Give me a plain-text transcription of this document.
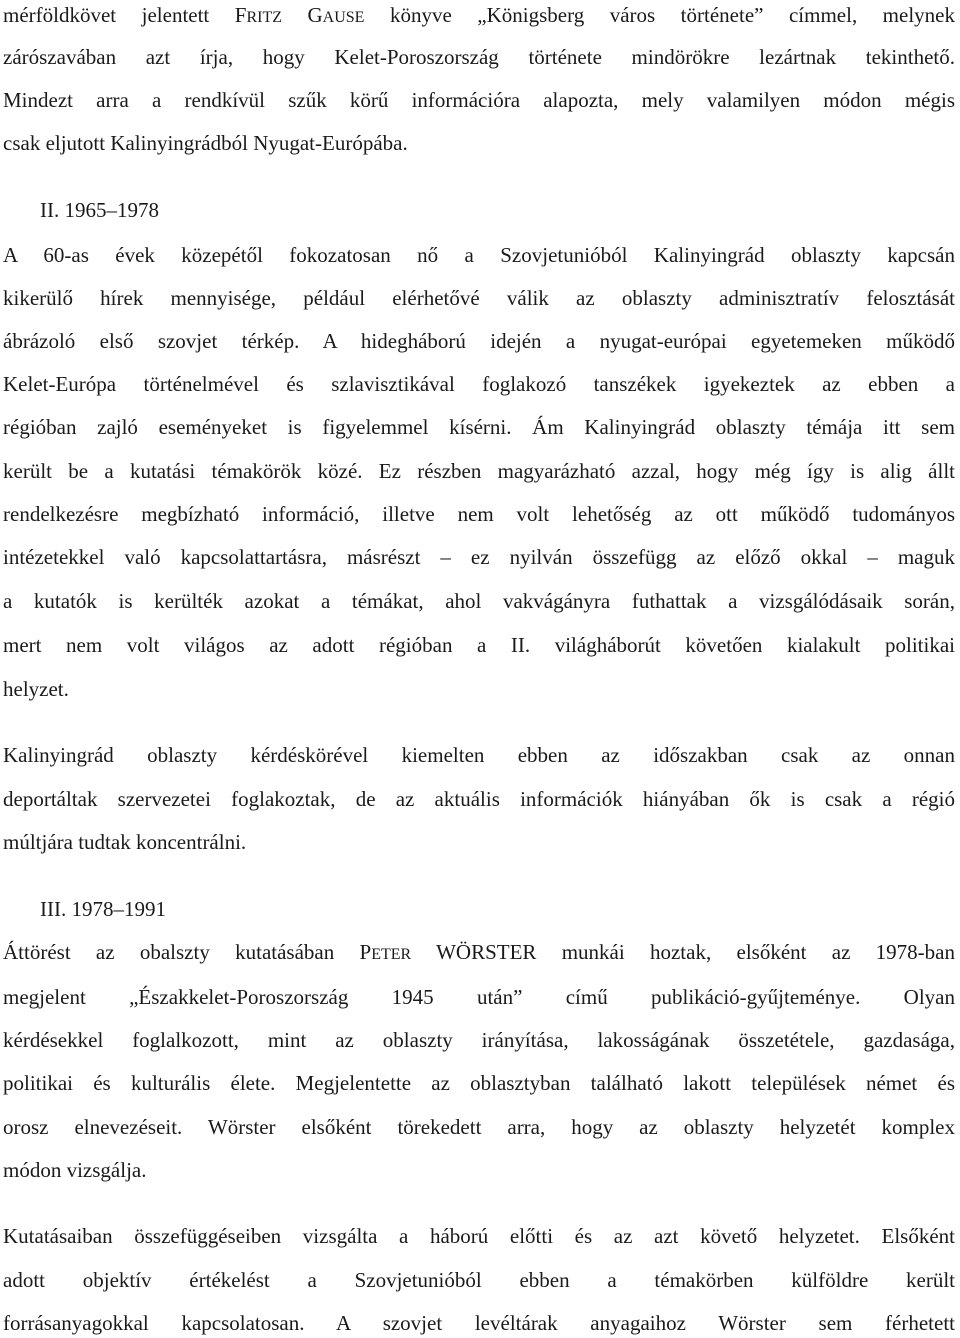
mérföldkövet jelentett FRITZ GAUSE könyve „Königsberg város története” címmel, melynek
zárószavában azt írja, hogy Kelet-Poroszország története mindörökre lezártnak tekinthető.
Mindezt arra a rendkívül szűk körű információra alapozta, mely valamilyen módon mégis
csak eljutott Kalinyingrádból Nyugat-Európába.
II. 1965–1978
A 60-as évek közepétől fokozatosan nő a Szovjetunióból Kalinyingrád oblaszty kapcsán
kikerülő hírek mennyisége, például elérhetővé válik az oblaszty adminisztratív felosztását
ábrázoló első szovjet térkép. A hidegháború idején a nyugat-európai egyetemeken működő
Kelet-Európa történelmével és szlavisztikával foglakozó tanszékek igyekeztek az ebben a
régióban zajló eseményeket is figyelemmel kísérni. Ám Kalinyingrád oblaszty témája itt sem
került be a kutatási témakörök közé. Ez részben magyarázható azzal, hogy még így is alig állt
rendelkezésre megbízható információ, illetve nem volt lehetőség az ott működő tudományos
intézetekkel való kapcsolattartásra, másrészt – ez nyilván összefügg az előző okkal – maguk
a kutatók is kerülték azokat a témákat, ahol vakvágányra futhattak a vizsgálódásaik során,
mert nem volt világos az adott régióban a II. világháborút követően kialakult politikai
helyzet.
Kalinyingrád oblaszty kérdéskörével kiemelten ebben az időszakban csak az onnan
deportáltak szervezetei foglakoztak, de az aktuális információk hiányában ők is csak a régió
múltjára tudtak koncentrálni.
III. 1978–1991
Áttörést az obalszty kutatásában PETER WÖRSTER munkái hoztak, elsőként az 1978-ban
megjelent „Északkelet-Poroszország 1945 után” című publikáció-gyűjteménye. Olyan
kérdésekkel foglalkozott, mint az oblaszty irányítása, lakosságának összetétele, gazdasága,
politikai és kulturális élete. Megjelentette az oblasztyban található lakott települések német és
orosz elnevezéseit. Wörster elsőként törekedett arra, hogy az oblaszty helyzetét komplex
módon vizsgálja.
Kutatásaiban összefüggéseiben vizsgálta a háború előtti és az azt követő helyzetet. Elsőként
adott objektív értékelést a Szovjetunióból ebben a témakörben külföldre került
forrásanyagokkal kapcsolatosan. A szovjet levéltárak anyagaihoz Wörster sem férhetett
